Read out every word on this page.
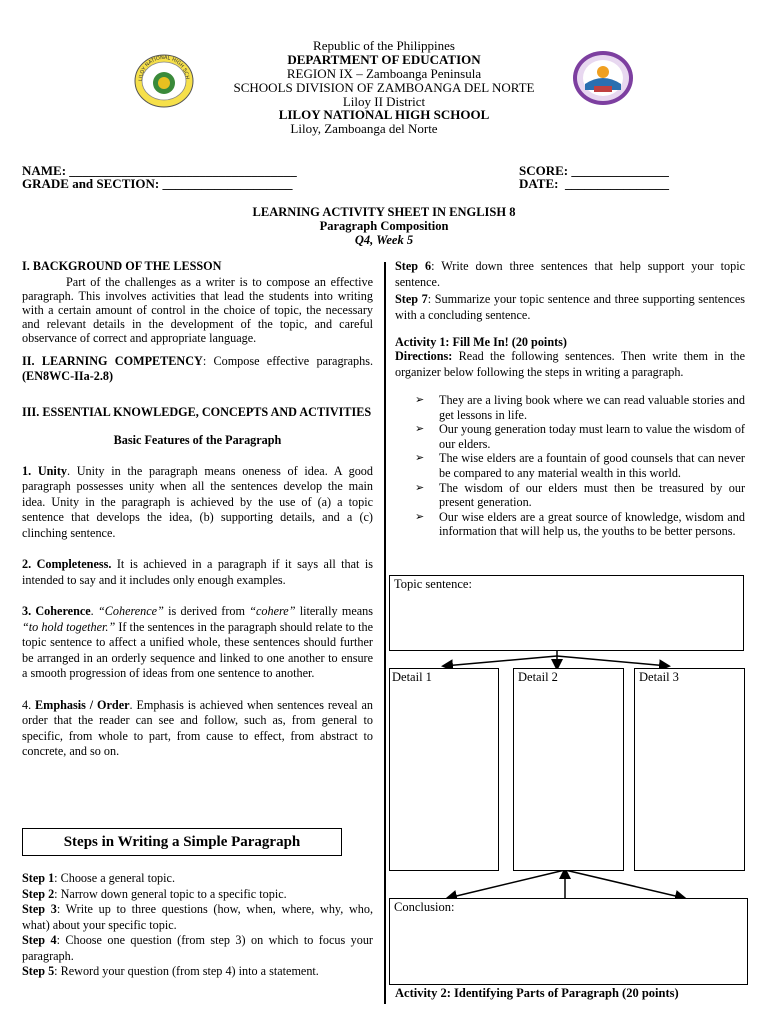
LILOY NATIONAL HIGH SCH
Republic of the Philippines
DEPARTMENT OF EDUCATION
REGION IX – Zamboanga Peninsula
SCHOOLS DIVISION OF ZAMBOANGA DEL NORTE
Liloy II District
LILOY NATIONAL HIGH SCHOOL
Liloy, Zamboanga del Norte
NAME: ___________________________________
GRADE and SECTION: ____________________
SCORE: _______________
DATE:  ________________
LEARNING ACTIVITY SHEET IN ENGLISH 8
Paragraph Composition
Q4, Week 5

I. BACKGROUND OF THE LESSON

Part of the challenges as a writer is to compose an effective paragraph. This involves activities that lead the students into writing with a certain amount of control in the choice of topic, the necessary and relevant details in the development of the topic, and careful observance of correct and appropriate language.

II. LEARNING COMPETENCY: Compose effective paragraphs. (EN8WC-IIa-2.8)

III. ESSENTIAL KNOWLEDGE, CONCEPTS AND ACTIVITIES

Basic Features of the Paragraph

1. Unity. Unity in the paragraph means oneness of idea. A good paragraph possesses unity when all the sentences develop the main idea. Unity in the paragraph is achieved by the use of (a) a topic sentence that develops the idea, (b) supporting details, and a (c) clinching sentence.

2. Completeness. It is achieved in a paragraph if it says all that is intended to say and it includes only enough examples.

3. Coherence. “Coherence” is derived from “cohere” literally means “to hold together.” If the sentences in the paragraph should relate to the topic sentence to affect a unified whole, these sentences should further be arranged in an orderly sequence and linked to one another to ensure a smooth progression of ideas from one sentence to another.

4. Emphasis / Order. Emphasis is achieved when sentences reveal an order that the reader can see and follow, such as, from general to specific, from whole to part, from cause to effect, from abstract to concrete, and so on.

Steps in Writing a Simple Paragraph

Step 1: Choose a general topic.

Step 2: Narrow down general topic to a specific topic.

Step 3: Write up to three questions (how, when, where, why, who, what) about your specific topic.

Step 4: Choose one question (from step 3) on which to focus your paragraph.

Step 5: Reword your question (from step 4) into a statement.

Step 6: Write down three sentences that help support your topic sentence.

Step 7: Summarize your topic sentence and three supporting sentences with a concluding sentence.

Activity 1: Fill Me In! (20 points)

Directions: Read the following sentences. Then write them in the organizer below following the steps in writing a paragraph.

➢ They are a living book where we can read valuable stories and get lessons in life.
➢ Our young generation today must learn to value the wisdom of our elders.
➢ The wise elders are a fountain of good counsels that can never be compared to any material wealth in this world.
➢ The wisdom of our elders must then be treasured by our present generation.
➢ Our wise elders are a great source of knowledge, wisdom and information that will help us, the youths to be better persons.
Topic sentence:
Detail 1	Detail 2	Detail 3
Conclusion:
Activity 2: Identifying Parts of Paragraph (20 points)
